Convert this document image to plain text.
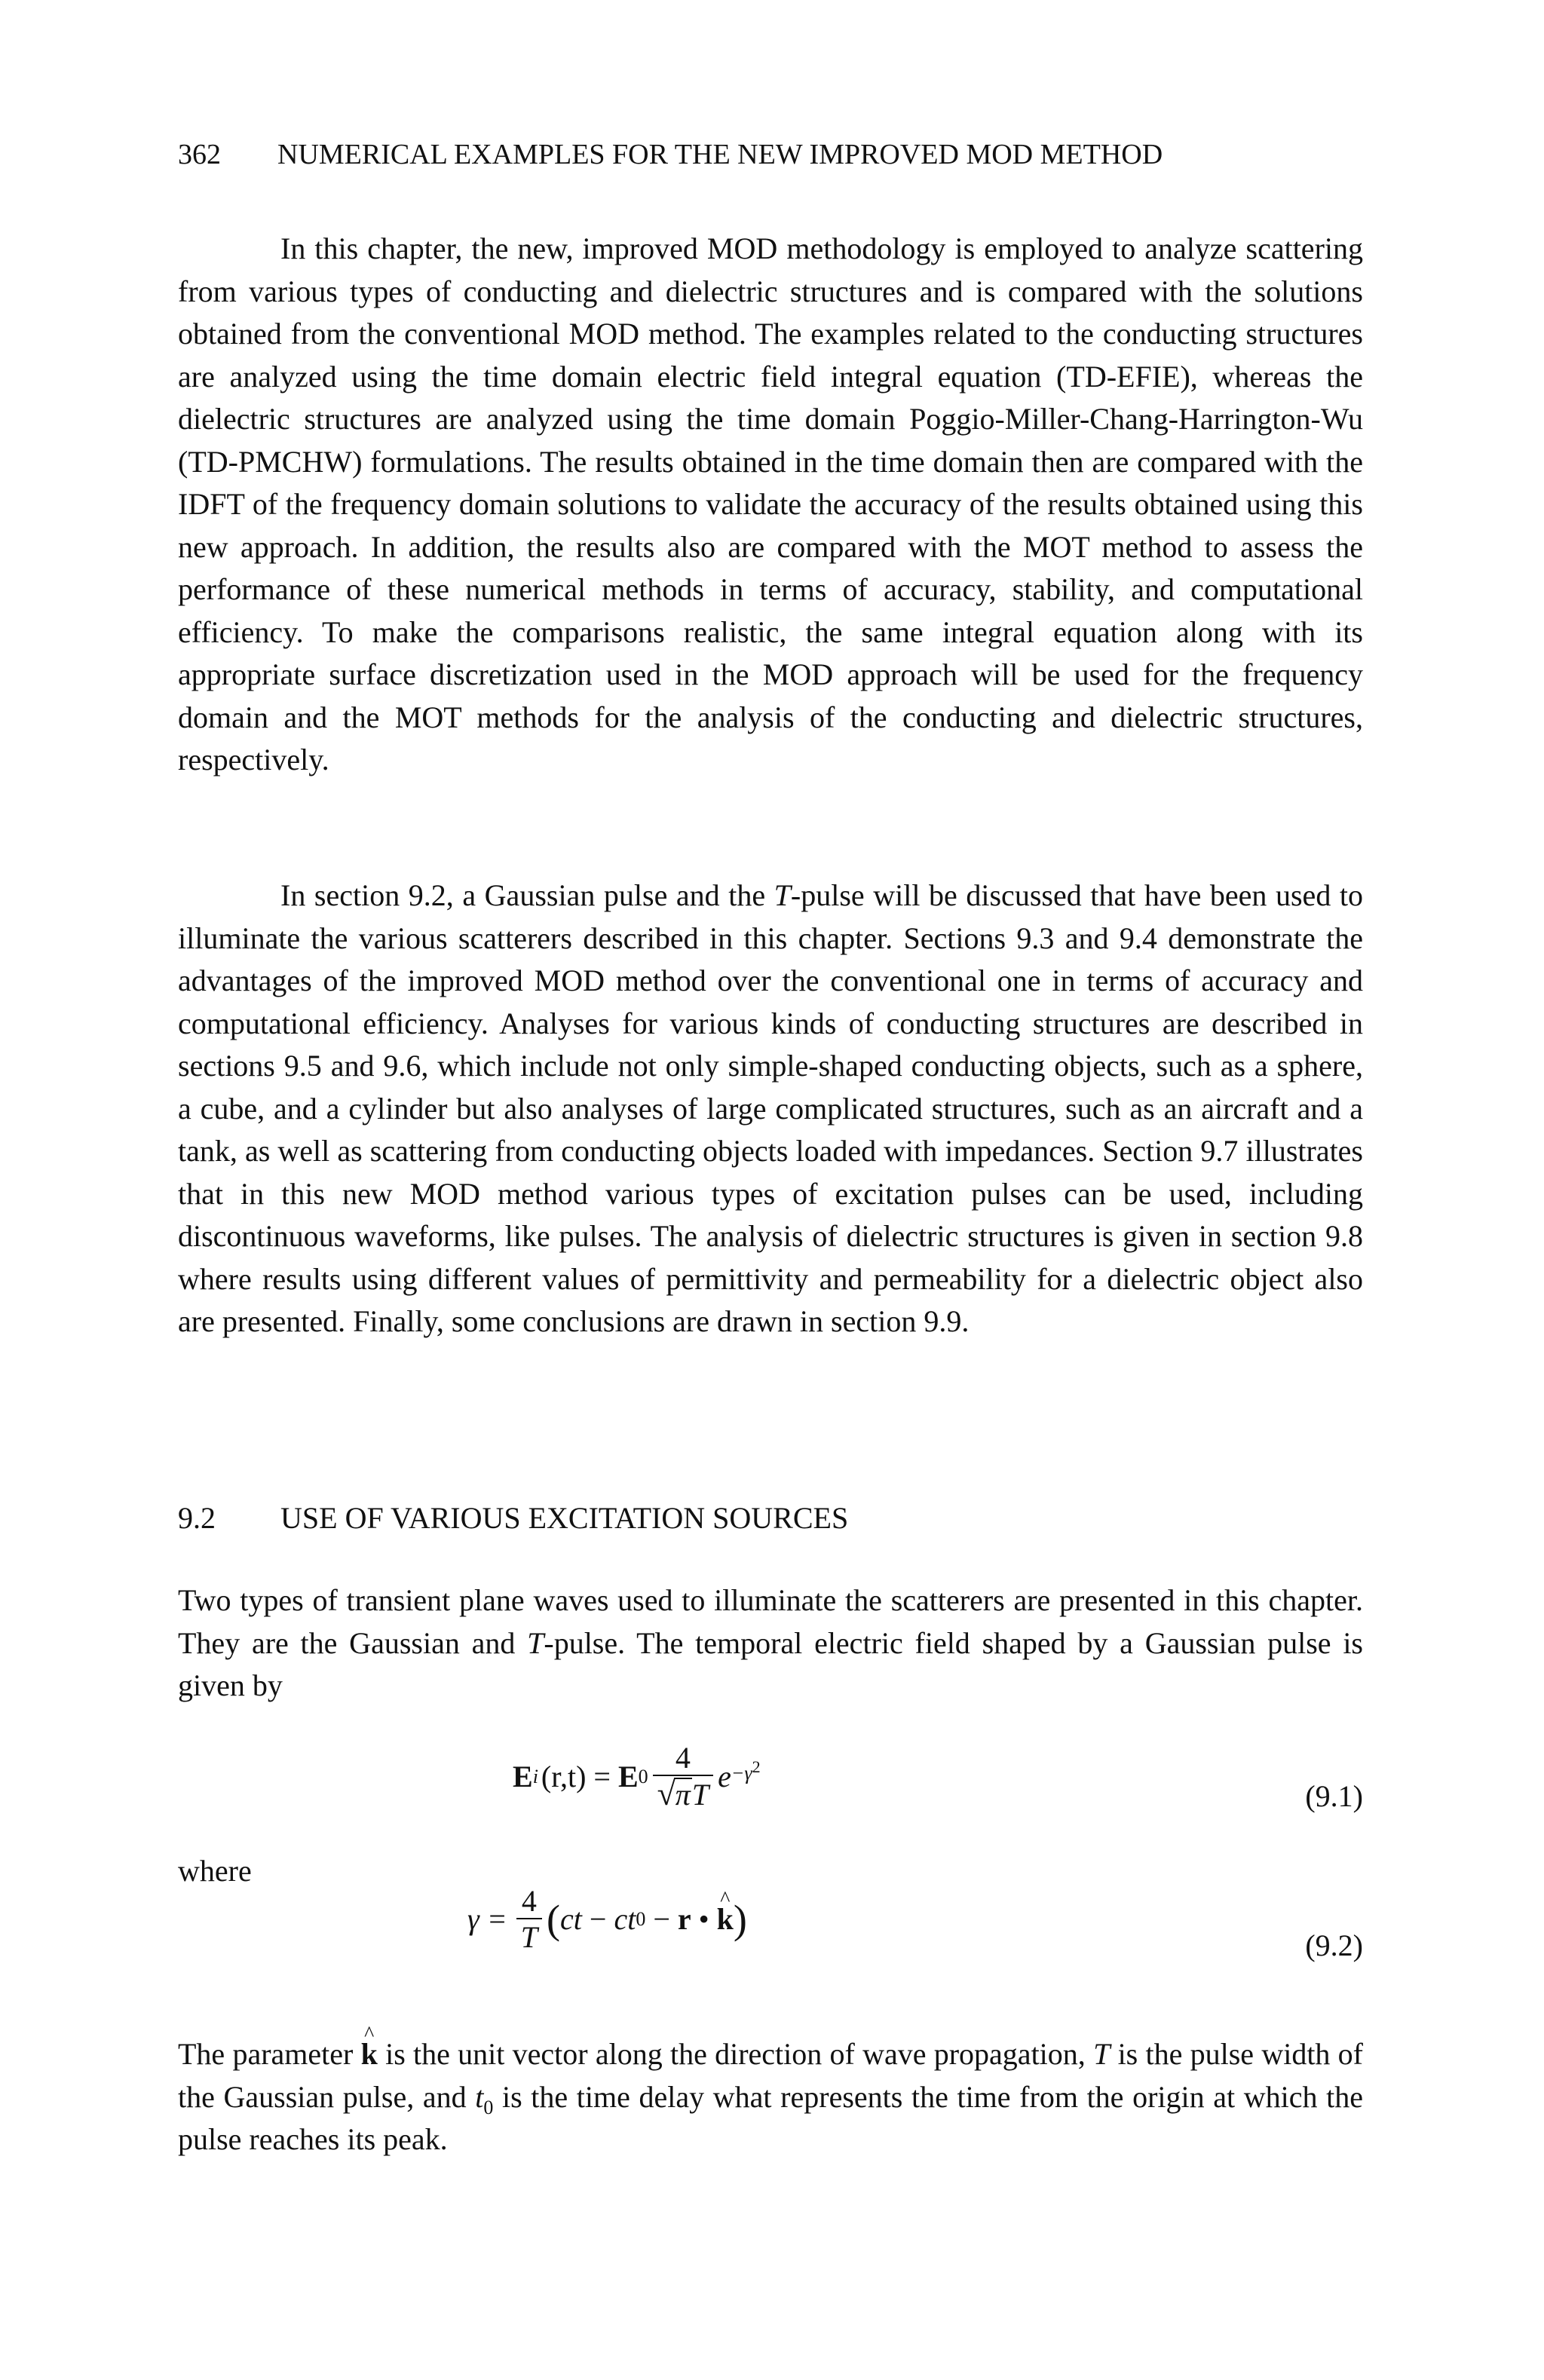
362 NUMERICAL EXAMPLES FOR THE NEW IMPROVED MOD METHOD

In this chapter, the new, improved MOD methodology is employed to analyze scattering from various types of conducting and dielectric structures and is compared with the solutions obtained from the conventional MOD method. The examples related to the conducting structures are analyzed using the time domain electric field integral equation (TD-EFIE), whereas the dielectric structures are analyzed using the time domain Poggio-Miller-Chang-Harrington-Wu (TD-PMCHW) formulations. The results obtained in the time domain then are compared with the IDFT of the frequency domain solutions to validate the accuracy of the results obtained using this new approach. In addition, the results also are compared with the MOT method to assess the performance of these numerical methods in terms of accuracy, stability, and computational efficiency. To make the comparisons realistic, the same integral equation along with its appropriate surface discretization used in the MOD approach will be used for the frequency domain and the MOT methods for the analysis of the conducting and dielectric structures, respectively.

In section 9.2, a Gaussian pulse and the T-pulse will be discussed that have been used to illuminate the various scatterers described in this chapter. Sections 9.3 and 9.4 demonstrate the advantages of the improved MOD method over the conventional one in terms of accuracy and computational efficiency. Analyses for various kinds of conducting structures are described in sections 9.5 and 9.6, which include not only simple-shaped conducting objects, such as a sphere, a cube, and a cylinder but also analyses of large complicated structures, such as an aircraft and a tank, as well as scattering from conducting objects loaded with impedances. Section 9.7 illustrates that in this new MOD method various types of excitation pulses can be used, including discontinuous waveforms, like pulses. The analysis of dielectric structures is given in section 9.8 where results using different values of permittivity and permeability for a dielectric object also are presented. Finally, some conclusions are drawn in section 9.9.

9.2 USE OF VARIOUS EXCITATION SOURCES

Two types of transient plane waves used to illuminate the scatterers are presented in this chapter. They are the Gaussian and T-pulse. The temporal electric field shaped by a Gaussian pulse is given by

E i (r,t) = E $0 \frac{4}{\text{√ π T}}$ e $^{-\gamma^2}$
(9.1)
where
$\gamma = \frac{4}{T}$ ( ct − ct 0 − r •
^ k )
(9.2)

The parameter ^ k is the unit vector along the direction of wave propagation, T is the pulse width of the Gaussian pulse, and $t_0$ is the time delay what represents the time from the origin at which the pulse reaches its peak.
